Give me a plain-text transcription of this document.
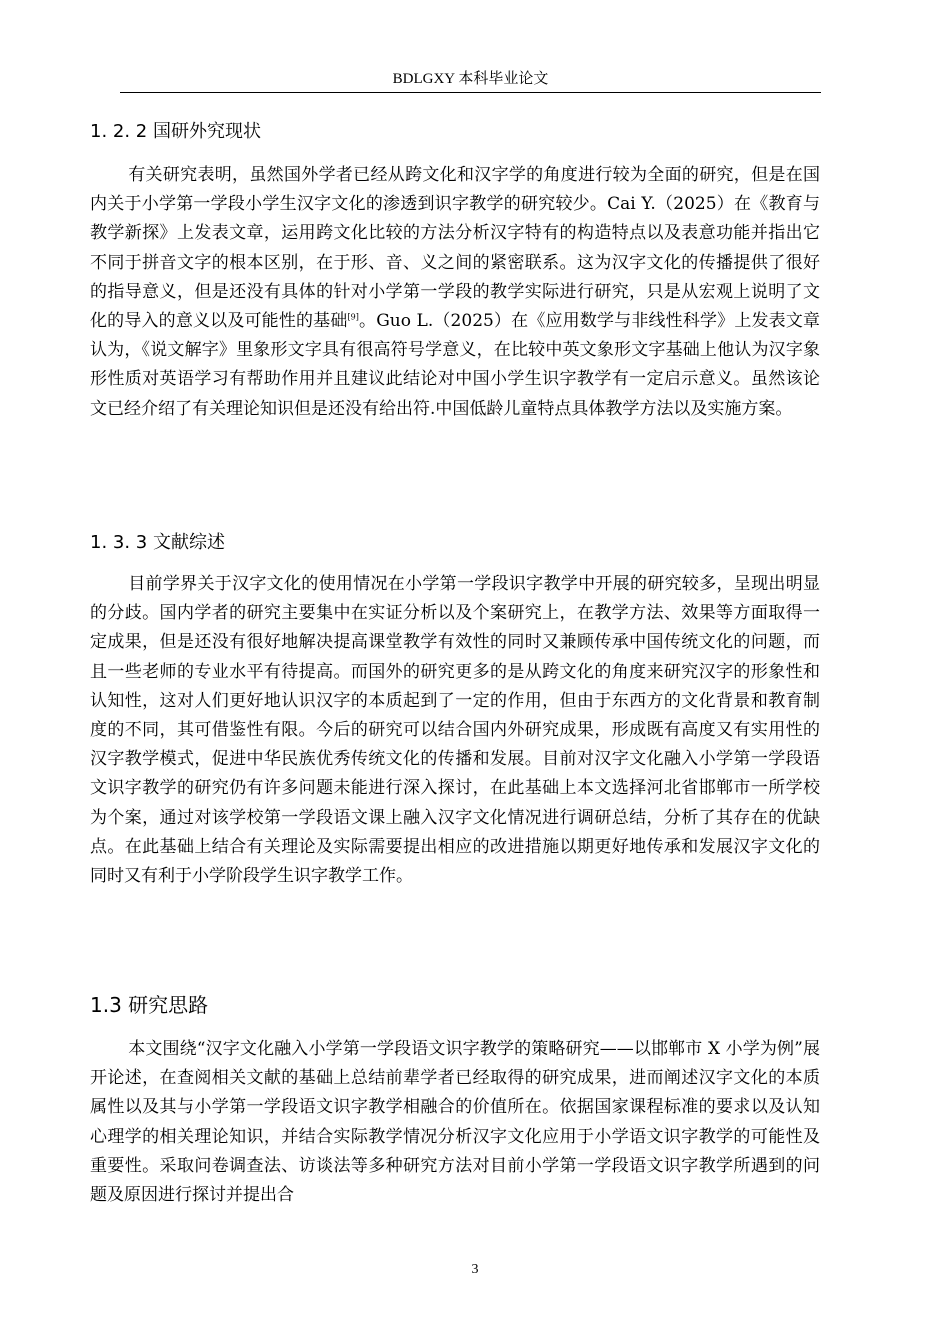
BDLGXY 本科毕业论文
1. 2. 2 国研外究现状

有关研究表明，虽然国外学者已经从跨文化和汉字学的角度进行较为全面的研究，但是在国内关于小学第一学段小学生汉字文化的渗透到识字教学的研究较少。Cai Y.（2025）在《教育与教学新探》上发表文章，运用跨文化比较的方法分析汉字特有的构造特点以及表意功能并指出它不同于拼音文字的根本区别，在于形、音、义之间的紧密联系。这为汉字文化的传播提供了很好的指导意义，但是还没有具体的针对小学第一学段的教学实际进行研究，只是从宏观上说明了文化的导入的意义以及可能性的基础[9]。Guo L.（2025）在《应用数学与非线性科学》上发表文章认为，《说文解字》里象形文字具有很高符号学意义，在比较中英文象形文字基础上他认为汉字象形性质对英语学习有帮助作用并且建议此结论对中国小学生识字教学有一定启示意义。虽然该论文已经介绍了有关理论知识但是还没有给出符.中国低龄儿童特点具体教学方法以及实施方案。

1. 3. 3 文献综述

目前学界关于汉字文化的使用情况在小学第一学段识字教学中开展的研究较多，呈现出明显的分歧。国内学者的研究主要集中在实证分析以及个案研究上，在教学方法、效果等方面取得一定成果，但是还没有很好地解决提高课堂教学有效性的同时又兼顾传承中国传统文化的问题，而且一些老师的专业水平有待提高。而国外的研究更多的是从跨文化的角度来研究汉字的形象性和认知性，这对人们更好地认识汉字的本质起到了一定的作用，但由于东西方的文化背景和教育制度的不同，其可借鉴性有限。今后的研究可以结合国内外研究成果，形成既有高度又有实用性的汉字教学模式，促进中华民族优秀传统文化的传播和发展。目前对汉字文化融入小学第一学段语文识字教学的研究仍有许多问题未能进行深入探讨，在此基础上本文选择河北省邯郸市一所学校为个案，通过对该学校第一学段语文课上融入汉字文化情况进行调研总结，分析了其存在的优缺点。在此基础上结合有关理论及实际需要提出相应的改进措施以期更好地传承和发展汉字文化的同时又有利于小学阶段学生识字教学工作。

1.3 研究思路

本文围绕“汉字文化融入小学第一学段语文识字教学的策略研究——以邯郸市 X 小学为例”展开论述，在查阅相关文献的基础上总结前辈学者已经取得的研究成果，进而阐述汉字文化的本质属性以及其与小学第一学段语文识字教学相融合的价值所在。依据国家课程标准的要求以及认知心理学的相关理论知识，并结合实际教学情况分析汉字文化应用于小学语文识字教学的可能性及重要性。采取问卷调查法、访谈法等多种研究方法对目前小学第一学段语文识字教学所遇到的问题及原因进行探讨并提出合

3
